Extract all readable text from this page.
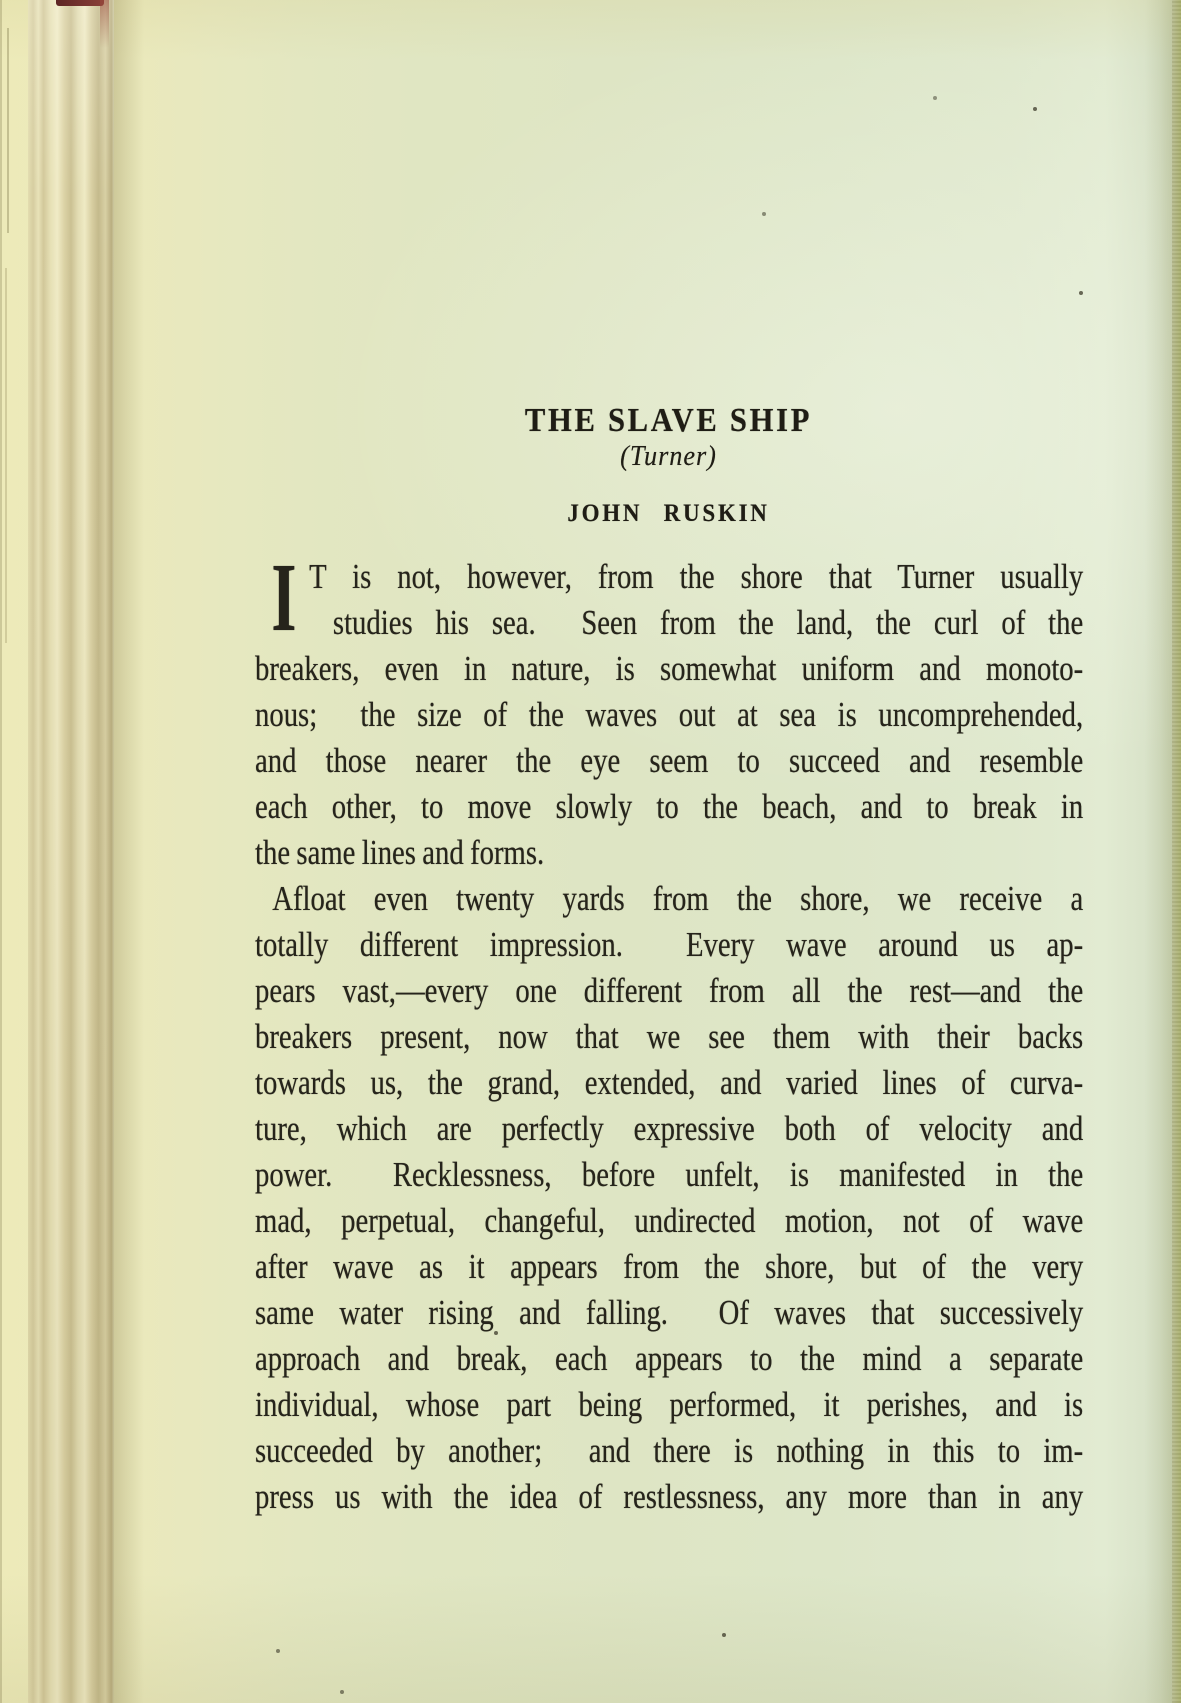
THE SLAVE SHIP
(Turner)
JOHN RUSKIN
I T is not, however, from the shore that Turner usually
studies his sea.  Seen from the land, the curl of the
breakers, even in nature, is somewhat uniform and monoto-
nous;  the size of the waves out at sea is uncomprehended,
and those nearer the eye seem to succeed and resemble
each other, to move slowly to the beach, and to break in
the same lines and forms.
Afloat even twenty yards from the shore, we receive a
totally different impression.  Every wave around us ap-
pears vast,—every one different from all the rest—and the
breakers present, now that we see them with their backs
towards us, the grand, extended, and varied lines of curva-
ture, which are perfectly expressive both of velocity and
power.  Recklessness, before unfelt, is manifested in the
mad, perpetual, changeful, undirected motion, not of wave
after wave as it appears from the shore, but of the very
same water rising and falling.  Of waves that successively
approach and break, each appears to the mind a separate
individual, whose part being performed, it perishes, and is
succeeded by another;  and there is nothing in this to im-
press us with the idea of restlessness, any more than in any
